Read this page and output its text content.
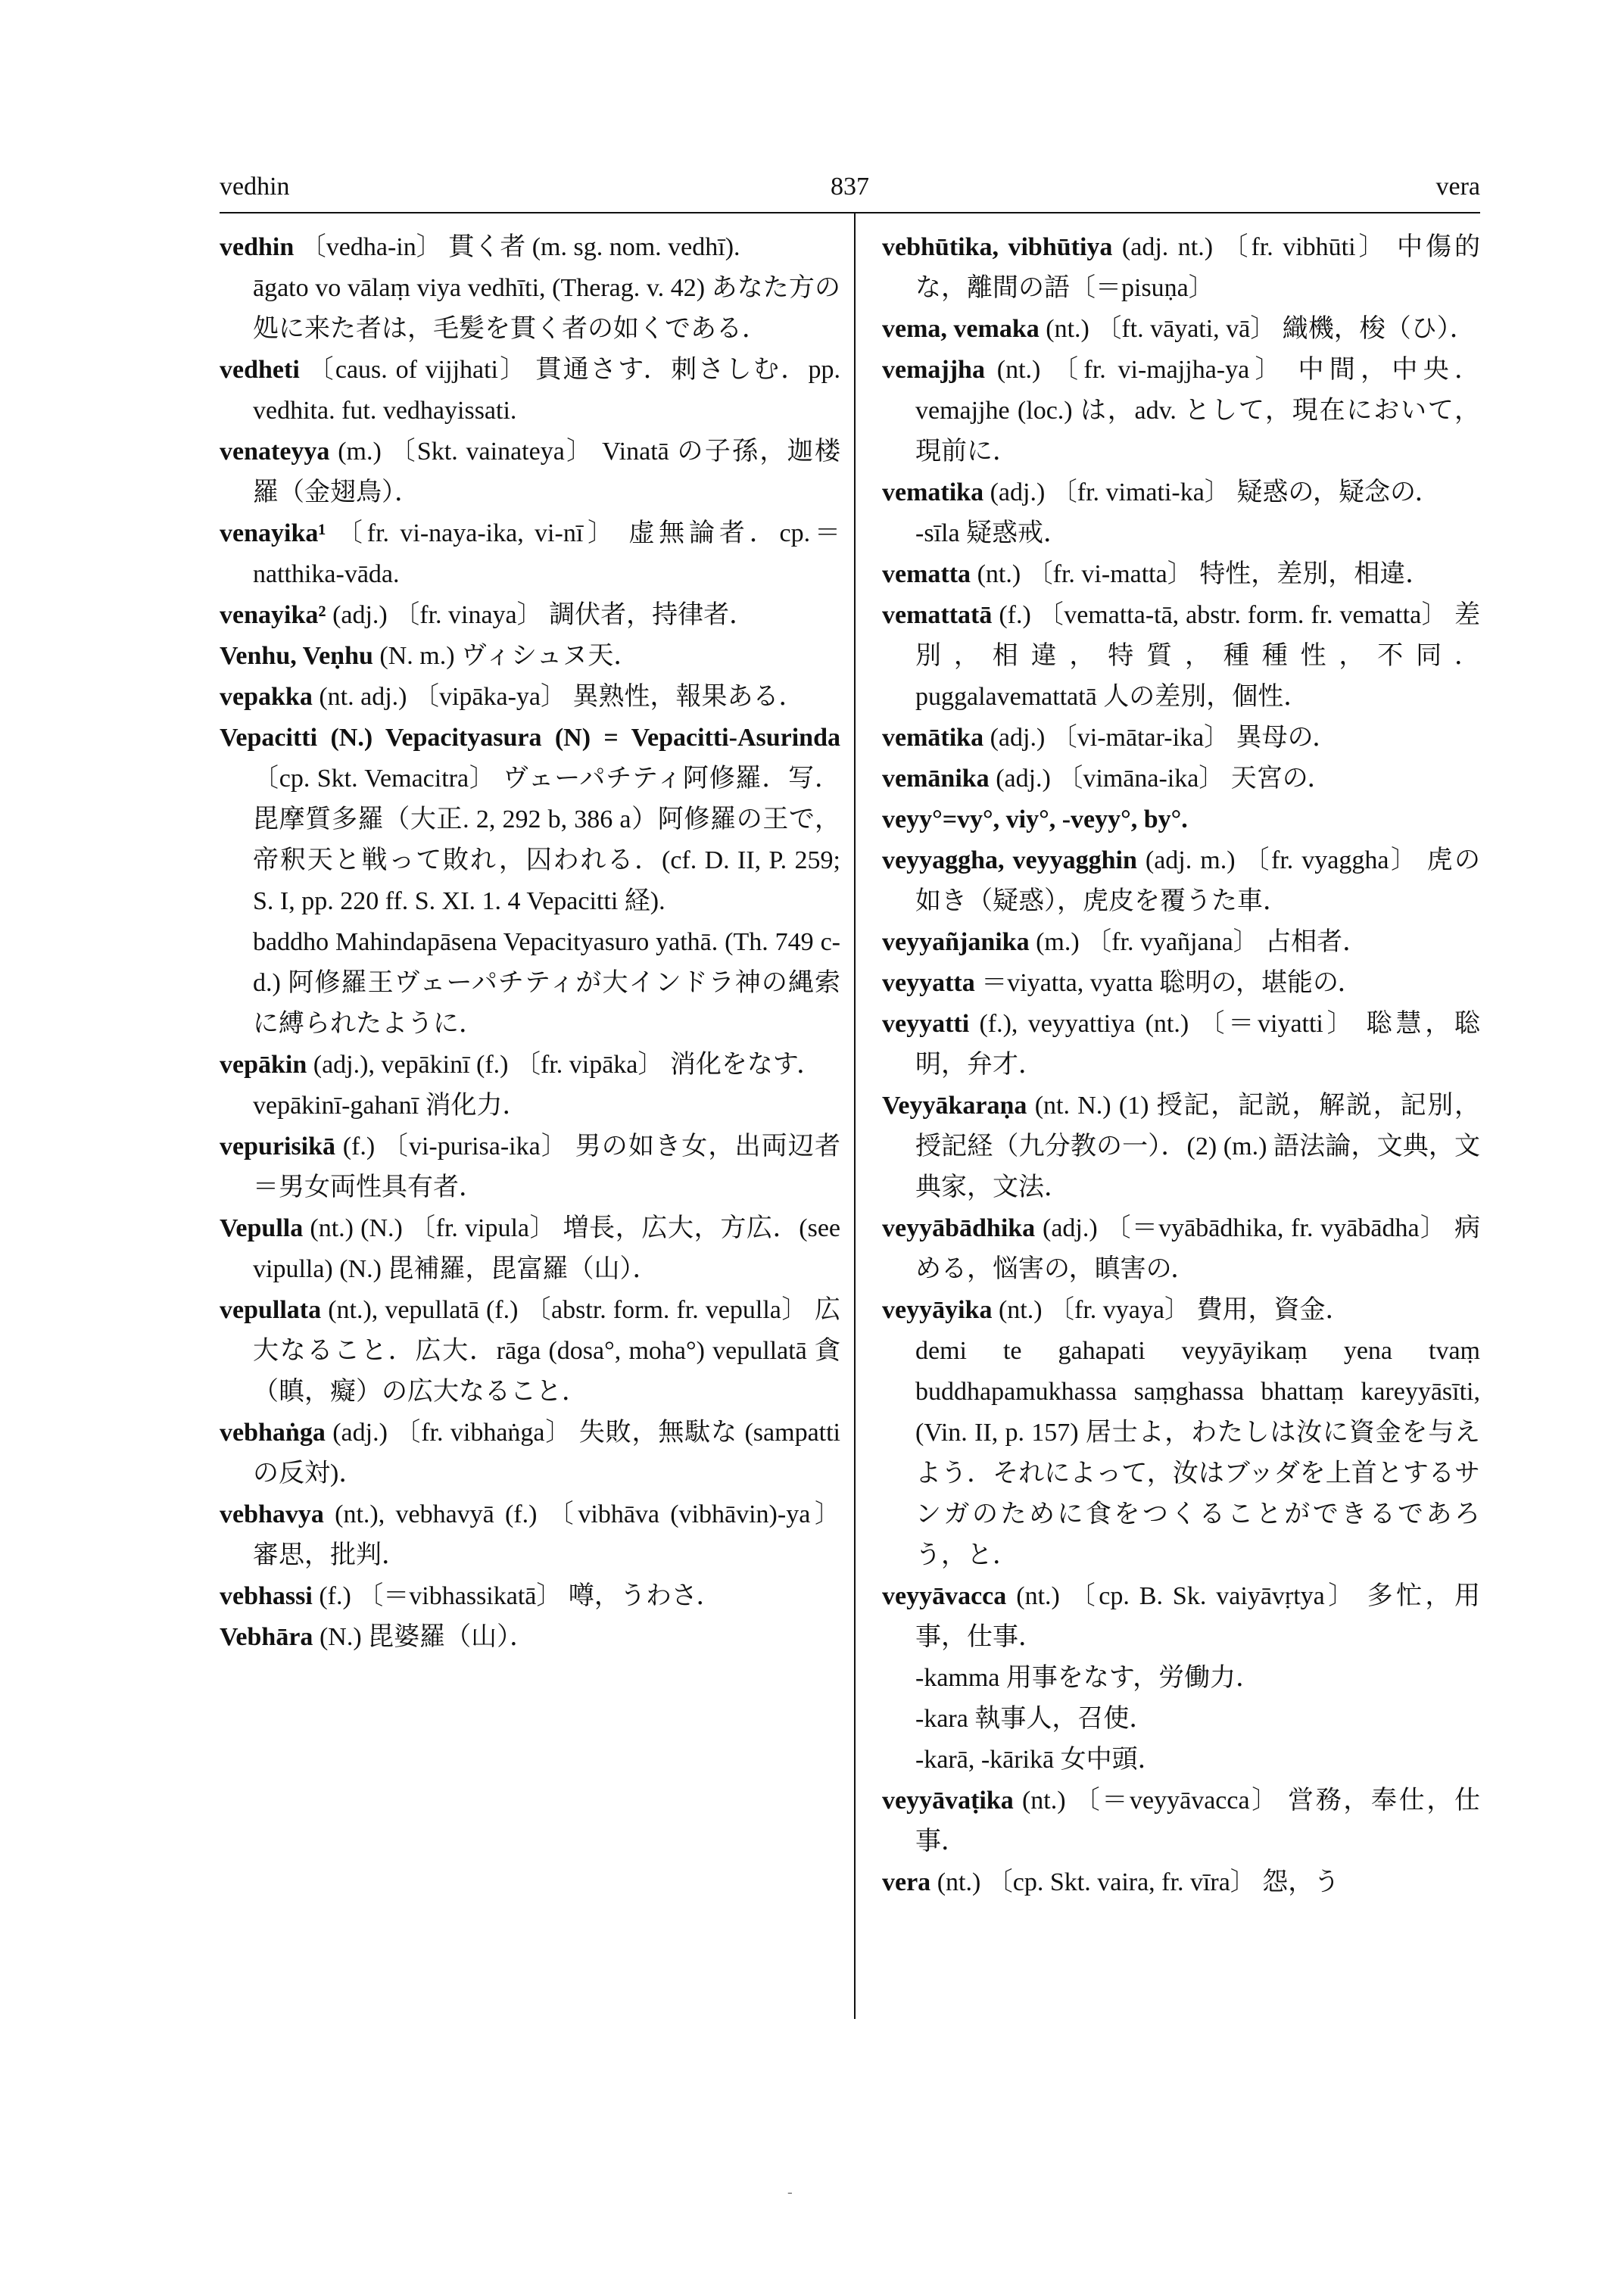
vedhin	837	vera

vedhin 〔vedha-in〕 貫く者 (m. sg. nom. vedhī).

āgato vo vālaṃ viya vedhīti, (Therag. v. 42) あなた方の処に来た者は，毛髪を貫く者の如くである．

vedheti 〔caus. of vijjhati〕 貫通さす．刺さしむ．pp. vedhita. fut. vedhayissati.

venateyya (m.) 〔Skt. vainateya〕 Vinatā の子孫，迦楼羅（金翅鳥）．

venayika¹ 〔fr. vi-naya-ika, vi-nī〕 虚無論者．cp.＝natthika-vāda.

venayika² (adj.) 〔fr. vinaya〕 調伏者，持律者．

Venhu, Veṇhu (N. m.) ヴィシュヌ天．

vepakka (nt. adj.) 〔vipāka-ya〕 異熟性，報果ある．

Vepacitti (N.) Vepacityasura (N) = Vepacitti-Asurinda 〔cp. Skt. Vemacitra〕 ヴェーパチティ阿修羅．写．毘摩質多羅（大正. 2, 292 b, 386 a）阿修羅の王で，帝釈天と戦って敗れ，囚われる．(cf. D. II, P. 259; S. I, pp. 220 ff. S. XI. 1. 4 Vepacitti 経).

baddho Mahindapāsena Vepacityasuro yathā. (Th. 749 c-d.) 阿修羅王ヴェーパチティが大インドラ神の縄索に縛られたように．

vepākin (adj.), vepākinī (f.) 〔fr. vipāka〕 消化をなす．

vepākinī-gahanī 消化力．

vepurisikā (f.) 〔vi-purisa-ika〕 男の如き女，出両辺者＝男女両性具有者．

Vepulla (nt.) (N.) 〔fr. vipula〕 増長，広大，方広．(see vipulla) (N.) 毘補羅，毘富羅（山）．

vepullata (nt.), vepullatā (f.) 〔abstr. form. fr. vepulla〕 広大なること．広大．rāga (dosa°, moha°) vepullatā 貪（瞋，癡）の広大なること．

vebhaṅga (adj.) 〔fr. vibhaṅga〕 失敗，無駄な (sampatti の反対)．

vebhavya (nt.), vebhavyā (f.) 〔vibhāva (vibhāvin)-ya〕 審思，批判．

vebhassi (f.) 〔＝vibhassikatā〕 噂，うわさ．

Vebhāra (N.) 毘婆羅（山）．

vebhūtika, vibhūtiya (adj. nt.) 〔fr. vibhūti〕 中傷的な，離間の語〔＝pisuṇa〕

vema, vemaka (nt.) 〔ft. vāyati, vā〕 織機，梭（ひ）．

vemajjha (nt.) 〔fr. vi-majjha-ya〕 中間，中央．vemajjhe (loc.) は，adv. として，現在において，現前に．

vematika (adj.) 〔fr. vimati-ka〕 疑惑の，疑念の．

-sīla 疑惑戒．

vematta (nt.) 〔fr. vi-matta〕 特性，差別，相違．

vemattatā (f.) 〔vematta-tā, abstr. form. fr. vematta〕 差別，相違，特質，種種性，不同．puggalavemattatā 人の差別，個性．

vemātika (adj.) 〔vi-mātar-ika〕 異母の．

vemānika (adj.) 〔vimāna-ika〕 天宮の．

veyy°=vy°, viy°, -veyy°, by°.

veyyaggha, veyyagghin (adj. m.) 〔fr. vyaggha〕 虎の如き（疑惑），虎皮を覆うた車．

veyyañjanika (m.) 〔fr. vyañjana〕 占相者．

veyyatta ＝viyatta, vyatta 聡明の，堪能の．

veyyatti (f.), veyyattiya (nt.) 〔＝viyatti〕 聡慧，聡明，弁才．

Veyyākaraṇa (nt. N.) (1) 授記，記説，解説，記別，授記経（九分教の一）．(2) (m.) 語法論，文典，文典家，文法．

veyyābādhika (adj.) 〔＝vyābādhika, fr. vyābādha〕 病める，悩害の，瞋害の．

veyyāyika (nt.) 〔fr. vyaya〕 費用，資金．

demi te gahapati veyyāyikaṃ yena tvaṃ buddhapamukhassa saṃghassa bhattaṃ kareyyāsīti, (Vin. II, p. 157) 居士よ，わたしは汝に資金を与えよう．それによって，汝はブッダを上首とするサンガのために食をつくることができるであろう，と．

veyyāvacca (nt.) 〔cp. B. Sk. vaiyāvṛtya〕 多忙，用事，仕事．

-kamma 用事をなす，労働力．

-kara 執事人，召使．

-karā, -kārikā 女中頭．

veyyāvaṭika (nt.) 〔＝veyyāvacca〕 営務，奉仕，仕事．

vera (nt.) 〔cp. Skt. vaira, fr. vīra〕 怨，う

-
